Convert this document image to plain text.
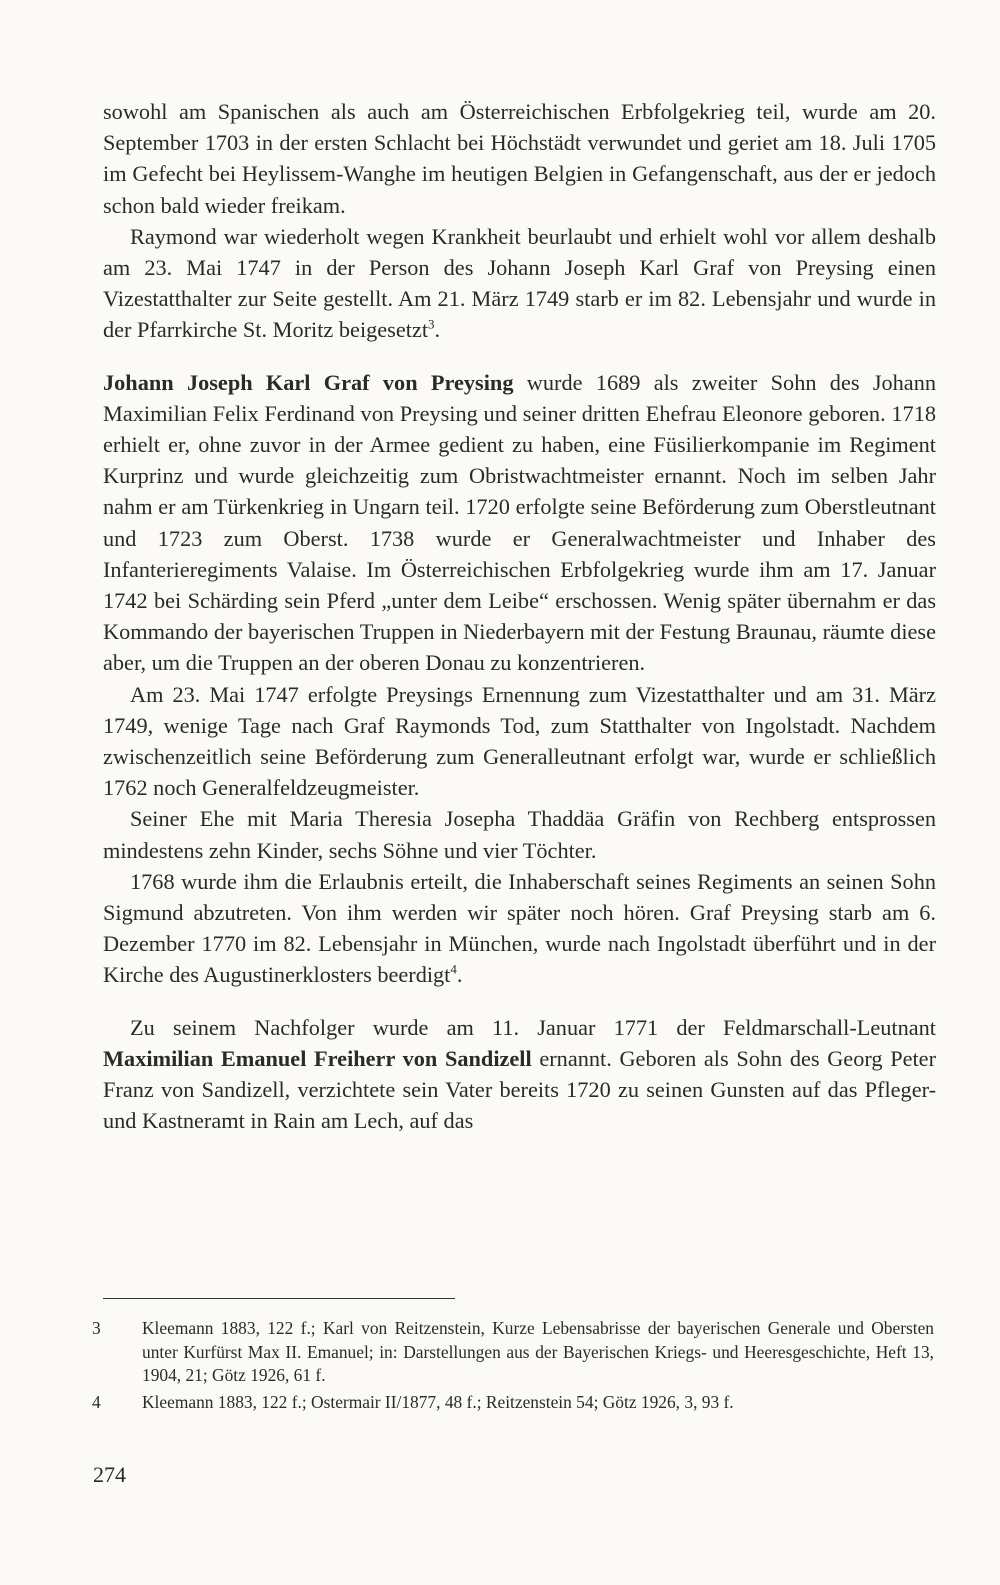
sowohl am Spanischen als auch am Österreichischen Erbfolgekrieg teil, wurde am 20. September 1703 in der ersten Schlacht bei Höchstädt verwundet und geriet am 18. Juli 1705 im Gefecht bei Heylissem-Wanghe im heutigen Belgien in Gefangenschaft, aus der er jedoch schon bald wieder freikam.

Raymond war wiederholt wegen Krankheit beurlaubt und erhielt wohl vor allem deshalb am 23. Mai 1747 in der Person des Johann Joseph Karl Graf von Preysing einen Vizestatthalter zur Seite gestellt. Am 21. März 1749 starb er im 82. Lebensjahr und wurde in der Pfarrkirche St. Moritz beigesetzt$^3$.

Johann Joseph Karl Graf von Preysing wurde 1689 als zweiter Sohn des Johann Maximilian Felix Ferdinand von Preysing und seiner dritten Ehefrau Eleonore geboren. 1718 erhielt er, ohne zuvor in der Armee gedient zu haben, eine Füsilierkompanie im Regiment Kurprinz und wurde gleichzeitig zum Obristwachtmeister ernannt. Noch im selben Jahr nahm er am Türkenkrieg in Ungarn teil. 1720 erfolgte seine Beförderung zum Oberstleutnant und 1723 zum Oberst. 1738 wurde er Generalwachtmeister und Inhaber des Infanterieregiments Valaise. Im Österreichischen Erbfolgekrieg wurde ihm am 17. Januar 1742 bei Schärding sein Pferd „unter dem Leibe“ erschossen. Wenig später übernahm er das Kommando der bayerischen Truppen in Niederbayern mit der Festung Braunau, räumte diese aber, um die Truppen an der oberen Donau zu konzentrieren.

Am 23. Mai 1747 erfolgte Preysings Ernennung zum Vizestatthalter und am 31. März 1749, wenige Tage nach Graf Raymonds Tod, zum Statthalter von Ingolstadt. Nachdem zwischenzeitlich seine Beförderung zum Generalleutnant erfolgt war, wurde er schließlich 1762 noch Generalfeldzeugmeister.

Seiner Ehe mit Maria Theresia Josepha Thaddäa Gräfin von Rechberg entsprossen mindestens zehn Kinder, sechs Söhne und vier Töchter.

1768 wurde ihm die Erlaubnis erteilt, die Inhaberschaft seines Regiments an seinen Sohn Sigmund abzutreten. Von ihm werden wir später noch hören. Graf Preysing starb am 6. Dezember 1770 im 82. Lebensjahr in München, wurde nach Ingolstadt überführt und in der Kirche des Augustinerklosters beerdigt$^4$.

Zu seinem Nachfolger wurde am 11. Januar 1771 der Feldmarschall-Leutnant Maximilian Emanuel Freiherr von Sandizell ernannt. Geboren als Sohn des Georg Peter Franz von Sandizell, verzichtete sein Vater bereits 1720 zu seinen Gunsten auf das Pfleger- und Kastneramt in Rain am Lech, auf das

3	Kleemann 1883, 122 f.; Karl von Reitzenstein, Kurze Lebensabrisse der bayerischen Generale und Obersten unter Kurfürst Max II. Emanuel; in: Darstellungen aus der Bayerischen Kriegs- und Heeresgeschichte, Heft 13, 1904, 21; Götz 1926, 61 f.
4	Kleemann 1883, 122 f.; Ostermair II/1877, 48 f.; Reitzenstein 54; Götz 1926, 3, 93 f.
274
